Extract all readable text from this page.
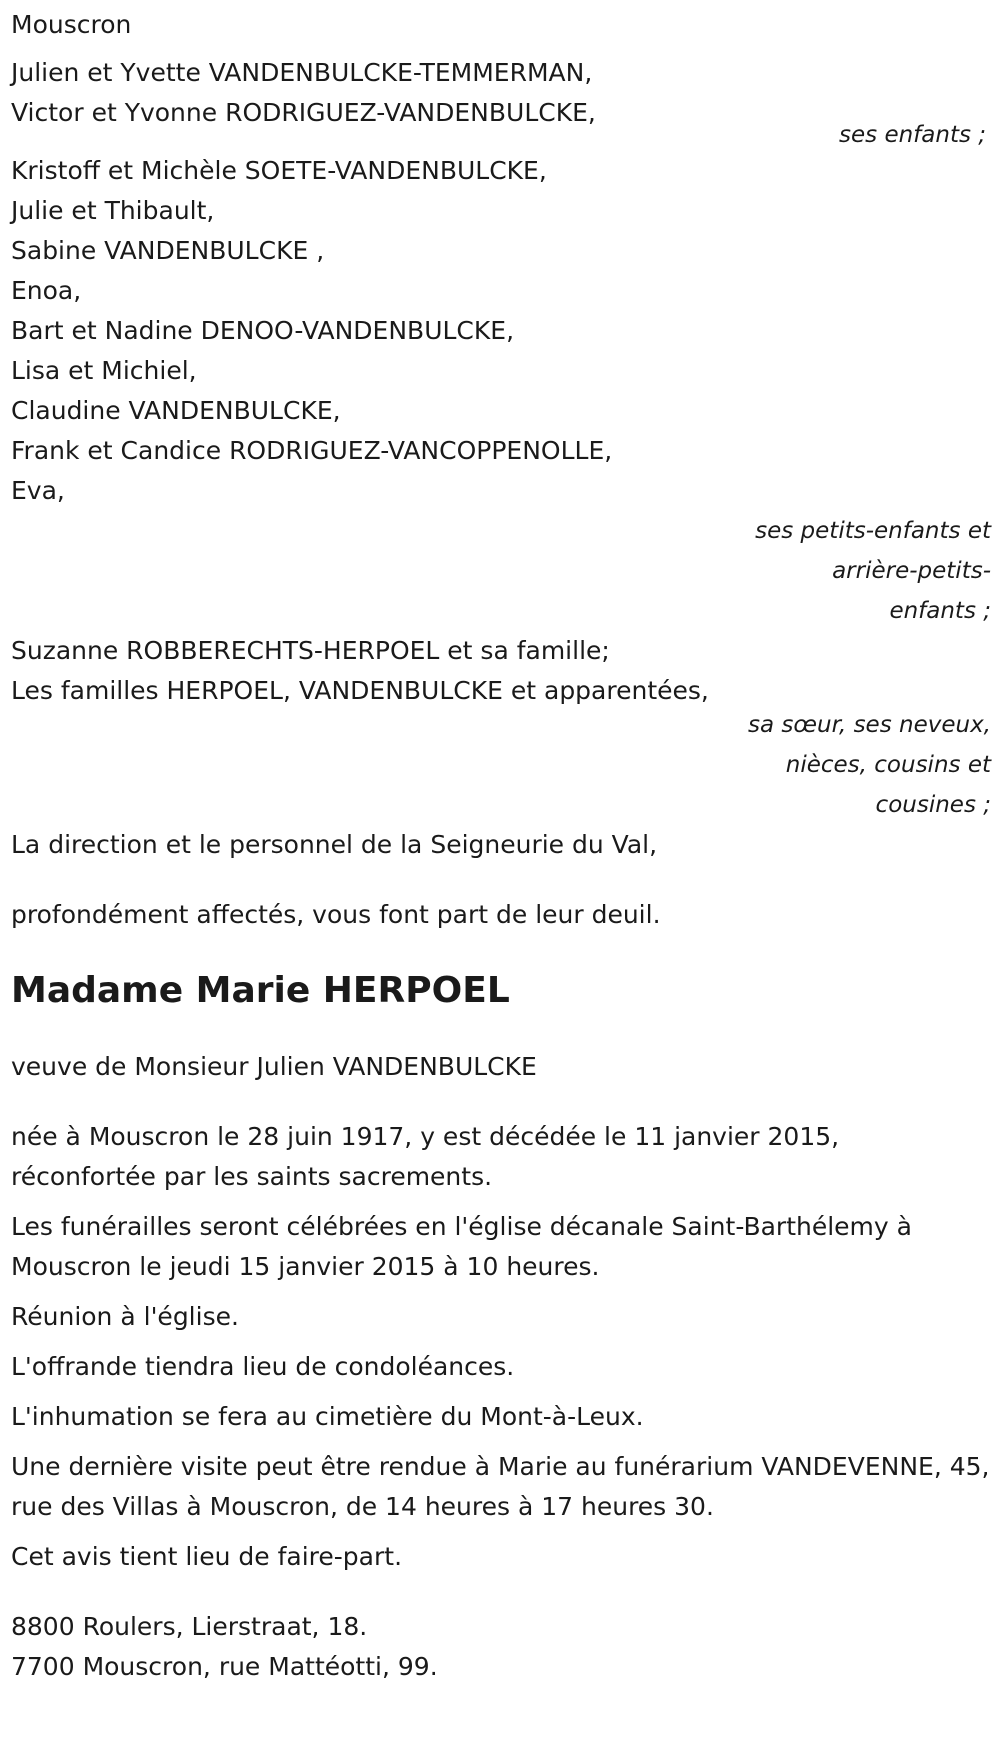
Mouscron
Julien et Yvette VANDENBULCKE-TEMMERMAN,
Victor et Yvonne RODRIGUEZ-VANDENBULCKE,
ses enfants ;
Kristoff et Michèle SOETE-VANDENBULCKE,
Julie et Thibault,
Sabine VANDENBULCKE ,
Enoa,
Bart et Nadine DENOO-VANDENBULCKE,
Lisa et Michiel,
Claudine VANDENBULCKE,
Frank et Candice RODRIGUEZ-VANCOPPENOLLE,
Eva,
ses petits-enfants et arrière-petits-enfants ;
Suzanne ROBBERECHTS-HERPOEL et sa famille;
Les familles HERPOEL, VANDENBULCKE et apparentées,
sa sœur, ses neveux, nièces, cousins et cousines ;
La direction et le personnel de la Seigneurie du Val,
profondément affectés, vous font part de leur deuil.
Madame Marie HERPOEL
veuve de Monsieur Julien VANDENBULCKE
née à Mouscron le 28 juin 1917, y est décédée le 11 janvier 2015, réconfortée par les saints sacrements.
Les funérailles seront célébrées en l'église décanale Saint-Barthélemy à Mouscron le jeudi 15 janvier 2015 à 10 heures.
Réunion à l'église.
L'offrande tiendra lieu de condoléances.
L'inhumation se fera au cimetière du Mont-à-Leux.
Une dernière visite peut être rendue à Marie au funérarium VANDEVENNE, 45, rue des Villas à Mouscron, de 14 heures à 17 heures 30.
Cet avis tient lieu de faire-part.
8800 Roulers, Lierstraat, 18.
7700 Mouscron, rue Mattéotti, 99.
